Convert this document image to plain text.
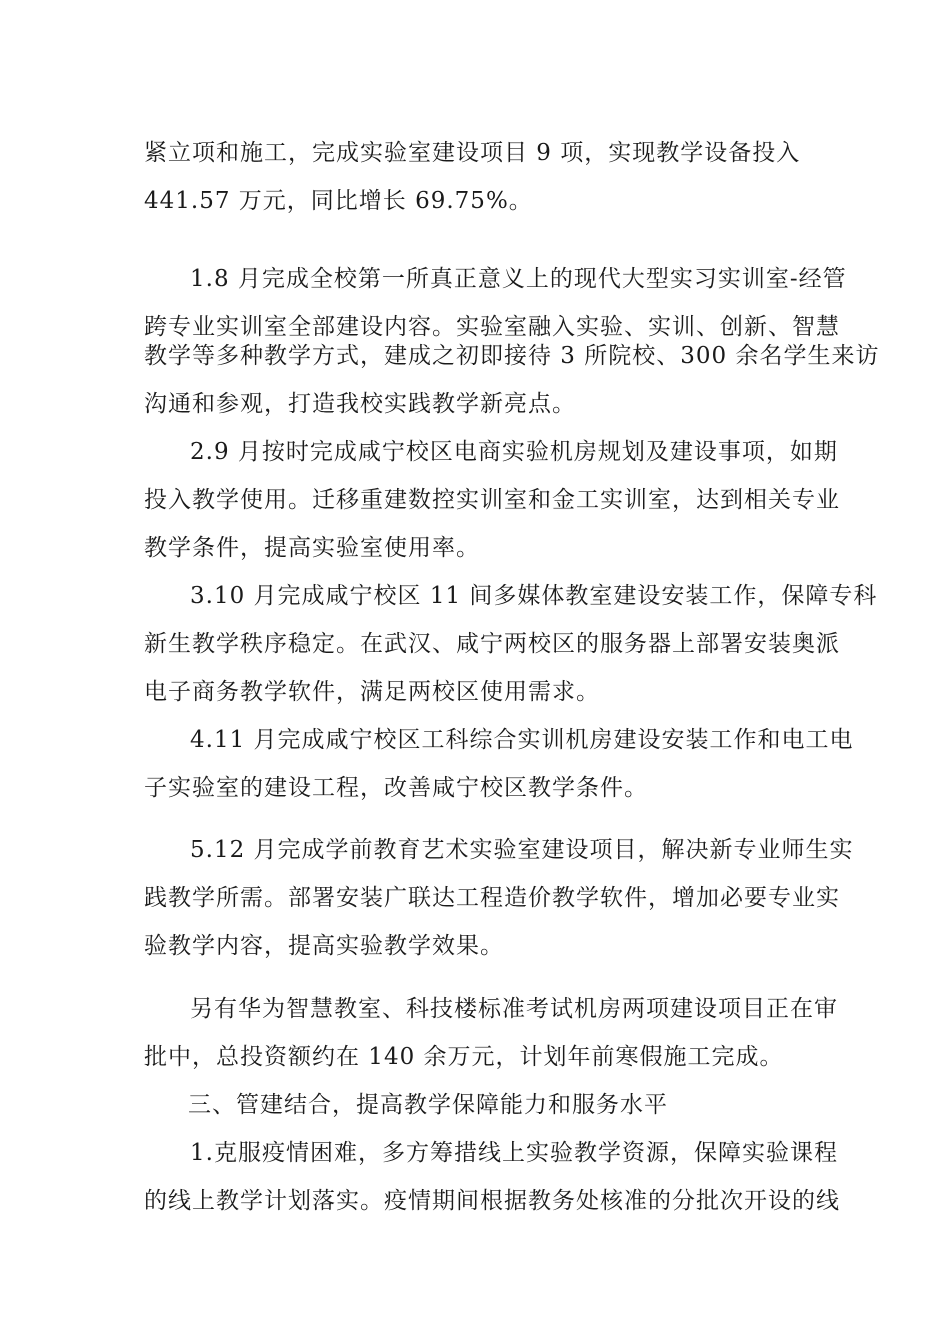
紧立项和施工，完成实验室建设项目 9 项，实现教学设备投入
441.57 万元，同比增长 69.75%。
1.8 月完成全校第一所真正意义上的现代大型实习实训室-经管
跨专业实训室全部建设内容。实验室融入实验、实训、创新、智慧
教学等多种教学方式，建成之初即接待 3 所院校、300 余名学生来访
沟通和参观，打造我校实践教学新亮点。
2.9 月按时完成咸宁校区电商实验机房规划及建设事项，如期
投入教学使用。迁移重建数控实训室和金工实训室，达到相关专业
教学条件，提高实验室使用率。
3.10 月完成咸宁校区 11 间多媒体教室建设安装工作，保障专科
新生教学秩序稳定。在武汉、咸宁两校区的服务器上部署安装奥派
电子商务教学软件，满足两校区使用需求。
4.11 月完成咸宁校区工科综合实训机房建设安装工作和电工电
子实验室的建设工程，改善咸宁校区教学条件。
5.12 月完成学前教育艺术实验室建设项目，解决新专业师生实
践教学所需。部署安装广联达工程造价教学软件，增加必要专业实
验教学内容，提高实验教学效果。
另有华为智慧教室、科技楼标准考试机房两项建设项目正在审
批中，总投资额约在 140 余万元，计划年前寒假施工完成。
三、管建结合，提高教学保障能力和服务水平
1.克服疫情困难，多方筹措线上实验教学资源，保障实验课程
的线上教学计划落实。疫情期间根据教务处核准的分批次开设的线
